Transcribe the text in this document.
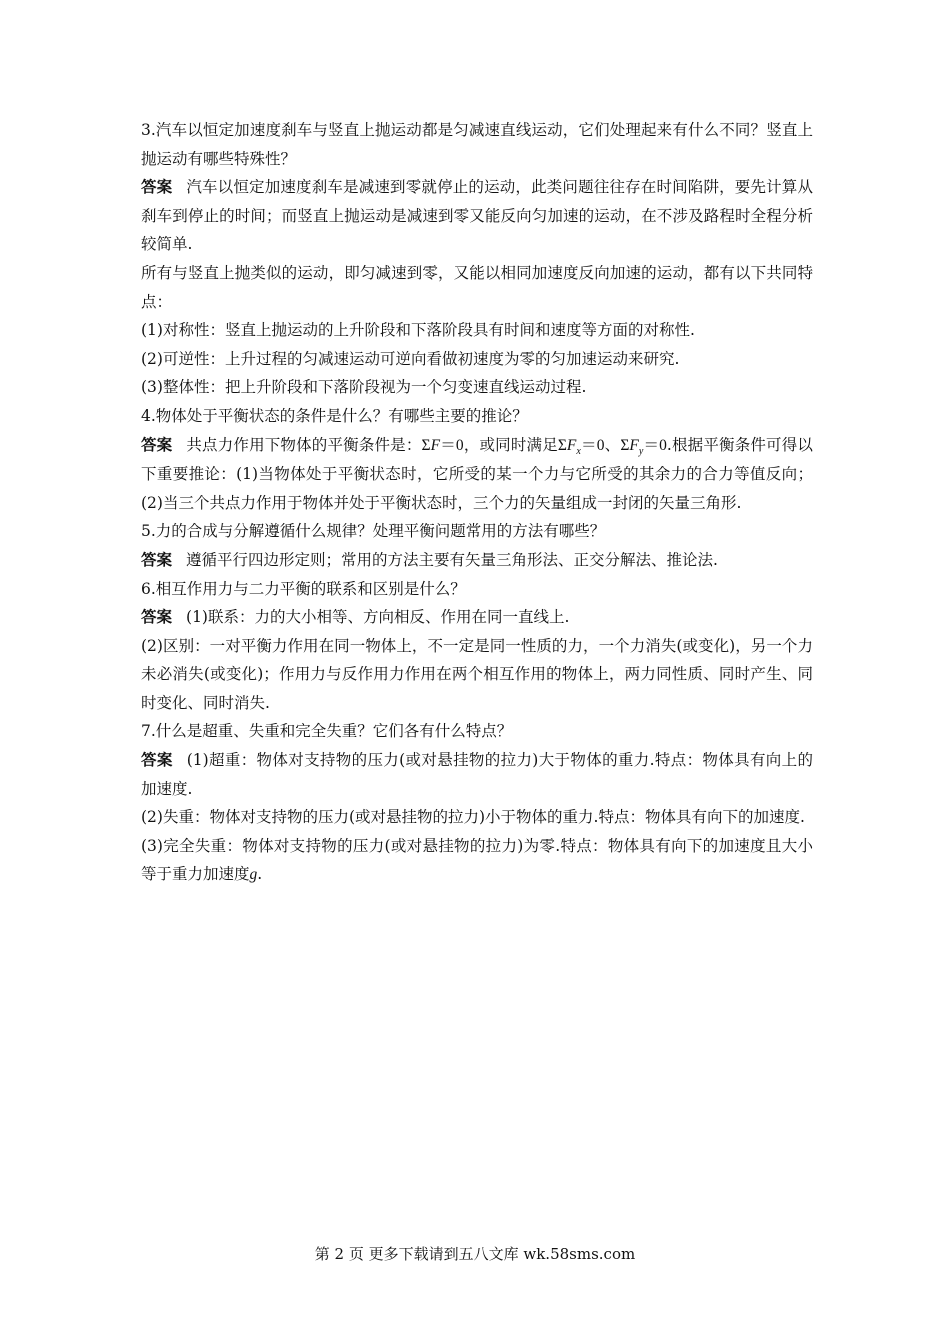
3.汽车以恒定加速度刹车与竖直上抛运动都是匀减速直线运动，它们处理起来有什么不同？竖直上抛运动有哪些特殊性？

答案 汽车以恒定加速度刹车是减速到零就停止的运动，此类问题往往存在时间陷阱，要先计算从刹车到停止的时间；而竖直上抛运动是减速到零又能反向匀加速的运动，在不涉及路程时全程分析较简单.

所有与竖直上抛类似的运动，即匀减速到零，又能以相同加速度反向加速的运动，都有以下共同特点：

(1)对称性：竖直上抛运动的上升阶段和下落阶段具有时间和速度等方面的对称性.

(2)可逆性：上升过程的匀减速运动可逆向看做初速度为零的匀加速运动来研究.

(3)整体性：把上升阶段和下落阶段视为一个匀变速直线运动过程.

4.物体处于平衡状态的条件是什么？有哪些主要的推论？

答案 共点力作用下物体的平衡条件是：ΣF＝0，或同时满足$\Sigma F_x=0$、$\Sigma F_y=0$.根据平衡条件可得以下重要推论：(1)当物体处于平衡状态时，它所受的某一个力与它所受的其余力的合力等值反向；(2)当三个共点力作用于物体并处于平衡状态时，三个力的矢量组成一封闭的矢量三角形.

5.力的合成与分解遵循什么规律？处理平衡问题常用的方法有哪些？

答案 遵循平行四边形定则；常用的方法主要有矢量三角形法、正交分解法、推论法.

6.相互作用力与二力平衡的联系和区别是什么？

答案 (1)联系：力的大小相等、方向相反、作用在同一直线上.

(2)区别：一对平衡力作用在同一物体上，不一定是同一性质的力，一个力消失(或变化)，另一个力未必消失(或变化)；作用力与反作用力作用在两个相互作用的物体上，两力同性质、同时产生、同时变化、同时消失.

7.什么是超重、失重和完全失重？它们各有什么特点？

答案 (1)超重：物体对支持物的压力(或对悬挂物的拉力)大于物体的重力.特点：物体具有向上的加速度.

(2)失重：物体对支持物的压力(或对悬挂物的拉力)小于物体的重力.特点：物体具有向下的加速度.

(3)完全失重：物体对支持物的压力(或对悬挂物的拉力)为零.特点：物体具有向下的加速度且大小等于重力加速度g.

第 2 页 更多下载请到五八文库 wk.58sms.com
